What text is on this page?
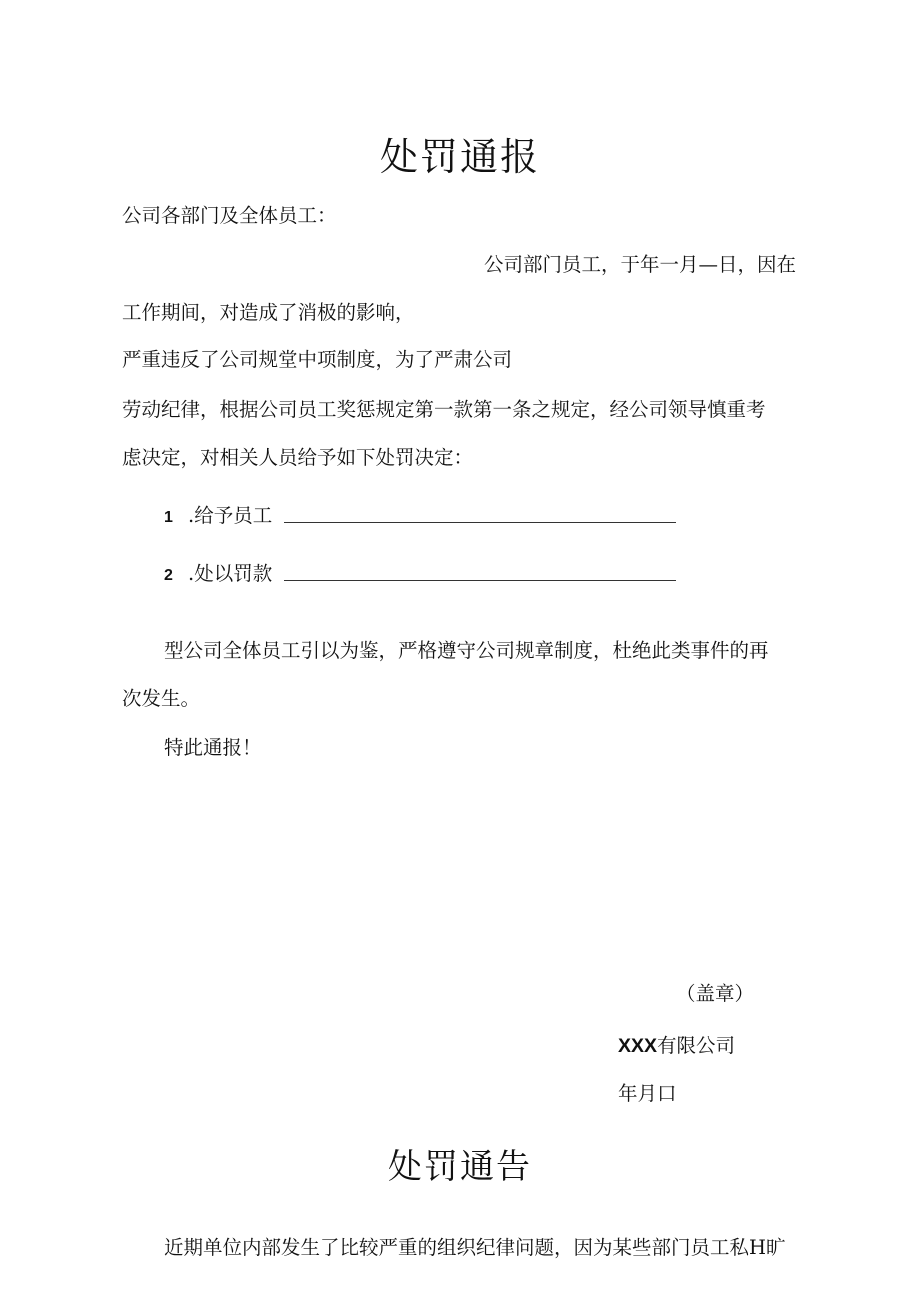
处罚通报

公司各部门及全体员工：

公司部门员工，于年一月—日，因在

工作期间，对造成了消极的影响，

严重违反了公司规堂中项制度，为了严肃公司

劳动纪律，根据公司员工奖惩规定第一款第一条之规定，经公司领导慎重考

虑决定，对相关人员给予如下处罚决定：

1 .给予员工

2 .处以罚款

型公司全体员工引以为鉴，严格遵守公司规章制度，杜绝此类事件的再

次发生。

特此通报！

（盖章）

XXX有限公司

年月口

处罚通告

近期单位内部发生了比较严重的组织纪律问题，因为某些部门员工私H旷
